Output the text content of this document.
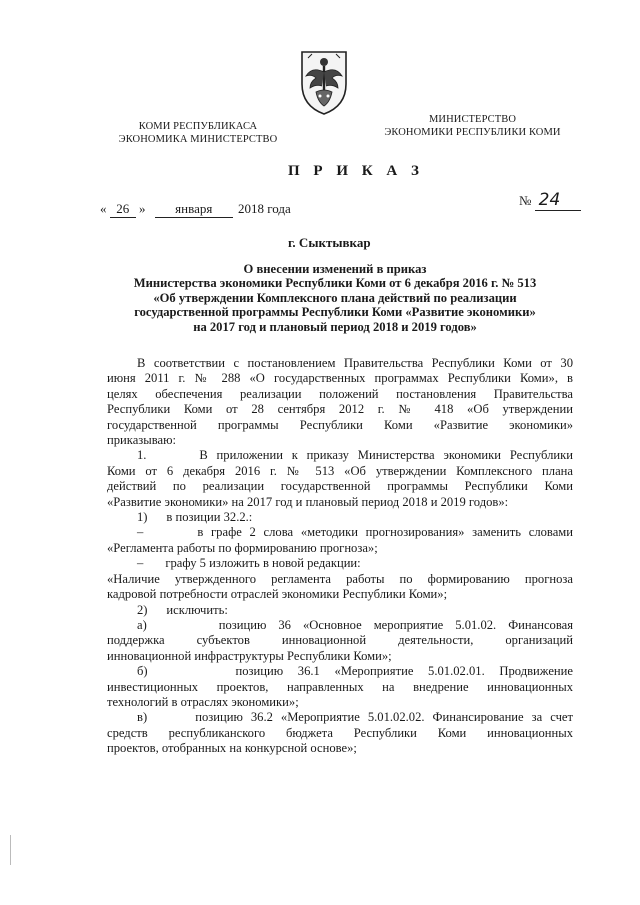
КОМИ РЕСПУБЛИКАСА
ЭКОНОМИКА МИНИСТЕРСТВО
МИНИСТЕРСТВО
ЭКОНОМИКИ РЕСПУБЛИКИ КОМИ
П Р И К А З
« 26 » января 2018 года
№ 24
г. Сыктывкар
О внесении изменений в приказ
Министерства экономики Республики Коми от 6 декабря 2016 г. № 513
«Об утверждении Комплексного плана действий по реализации
государственной программы Республики Коми «Развитие экономики»
на 2017 год и плановый период 2018 и 2019 годов»
В соответствии с постановлением Правительства Республики Коми от 30
июня 2011 г. № 288 «О государственных программах Республики Коми», в
целях обеспечения реализации положений постановления Правительства
Республики Коми от 28 сентября 2012 г. № 418 «Об утверждении
государственной программы Республики Коми «Развитие экономики»
приказываю:
1.      В приложении к приказу Министерства экономики Республики
Коми от 6 декабря 2016 г. № 513 «Об утверждении Комплексного плана
действий по реализации государственной программы Республики Коми
«Развитие экономики» на 2017 год и плановый период 2018 и 2019 годов»:
1)      в позиции 32.2.:
–       в графе 2 слова «методики прогнозирования» заменить словами
«Регламента работы по формированию прогноза»;
–       графу 5 изложить в новой редакции:
«Наличие утвержденного регламента работы по формированию прогноза
кадровой потребности отраслей экономики Республики Коми»;
2)      исключить:
а)      позицию 36 «Основное мероприятие 5.01.02. Финансовая
поддержка субъектов инновационной деятельности, организаций
инновационной инфраструктуры Республики Коми»;
б)      позицию 36.1 «Мероприятие 5.01.02.01. Продвижение
инвестиционных проектов, направленных на внедрение инновационных
технологий в отраслях экономики»;
в)      позицию 36.2 «Мероприятие 5.01.02.02. Финансирование за счет
средств республиканского бюджета Республики Коми инновационных
проектов, отобранных на конкурсной основе»;
